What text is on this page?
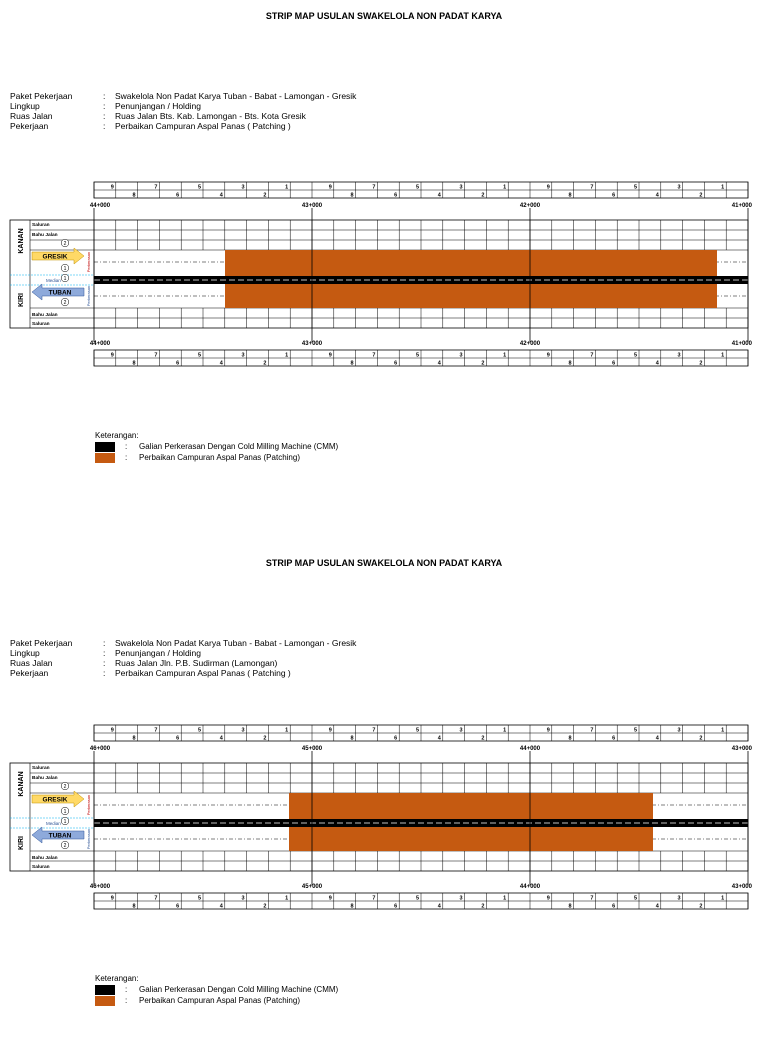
STRIP MAP USULAN SWAKELOLA NON PADAT KARYA
Paket Pekerjaan	:	Swakelola Non Padat Karya Tuban - Babat - Lamongan - Gresik
Lingkup	:	Penunjangan / Holding
Ruas Jalan	:	Ruas Jalan Bts. Kab. Lamongan - Bts. Kota Gresik
Pekerjaan	:	Perbaikan Campuran Aspal Panas ( Patching )
9	7	5	3	1
8	6	4	2
9	7	5	3	1
8	6	4	2
9	7	5	3	1
8	6	4	2
9	7	5	3	1
8	6	4	2
9	7	5	3	1
8	6	4	2
9	7	5	3	1
8	6	4	2
44+000
44+000
43+000
43+000
42+000
42+000
41+000
41+000
Median
KANAN
KIRI
Saluran
Bahu Jalan
Bahu Jalan
Saluran
Perkerasan
Perkerasan
GRESIK
TUBAN
2
1
1
2
Keterangan:
:	Galian Perkerasan Dengan Cold Milling Machine (CMM)
:	Perbaikan Campuran Aspal Panas (Patching)
STRIP MAP USULAN SWAKELOLA NON PADAT KARYA
Paket Pekerjaan	:	Swakelola Non Padat Karya Tuban - Babat - Lamongan - Gresik
Lingkup	:	Penunjangan / Holding
Ruas Jalan	:	Ruas Jalan Jln. P.B. Sudirman (Lamongan)
Pekerjaan	:	Perbaikan Campuran Aspal Panas ( Patching )
9	7	5	3	1
8	6	4	2
9	7	5	3	1
8	6	4	2
9	7	5	3	1
8	6	4	2
9	7	5	3	1
8	6	4	2
9	7	5	3	1
8	6	4	2
9	7	5	3	1
8	6	4	2
46+000
46+000
45+000
45+000
44+000
44+000
43+000
43+000
Median
KANAN
KIRI
Saluran
Bahu Jalan
Bahu Jalan
Saluran
Perkerasan
Perkerasan
GRESIK
TUBAN
2
1
1
2
Keterangan:
:	Galian Perkerasan Dengan Cold Milling Machine (CMM)
:	Perbaikan Campuran Aspal Panas (Patching)
